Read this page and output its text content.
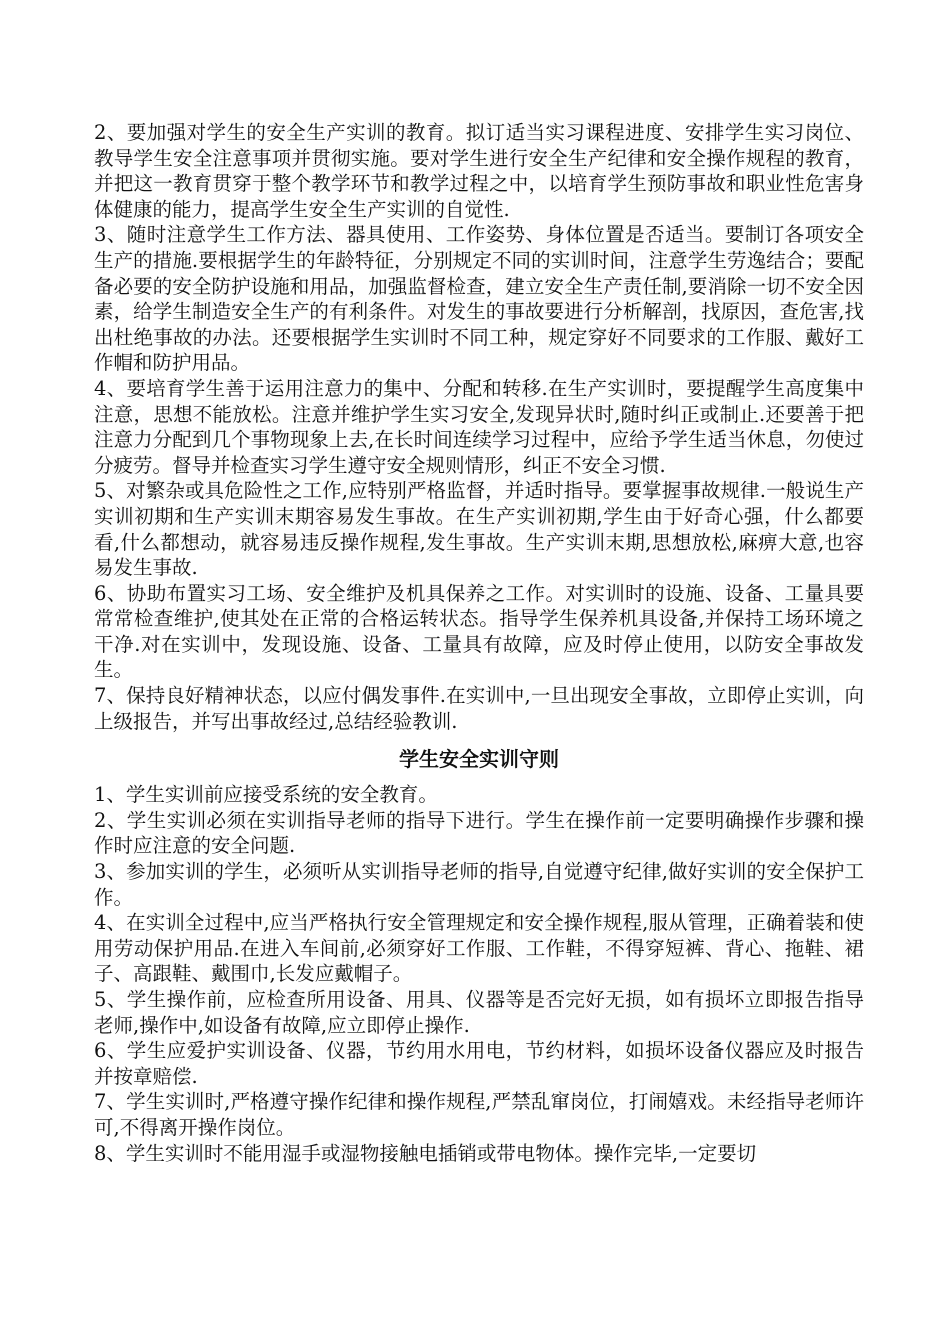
2、要加强对学生的安全生产实训的教育。拟订适当实习课程进度、安排学生实习岗位、教导学生安全注意事项并贯彻实施。要对学生进行安全生产纪律和安全操作规程的教育，并把这一教育贯穿于整个教学环节和教学过程之中，以培育学生预防事故和职业性危害身体健康的能力，提高学生安全生产实训的自觉性.

3、随时注意学生工作方法、器具使用、工作姿势、身体位置是否适当。要制订各项安全生产的措施.要根据学生的年龄特征，分别规定不同的实训时间，注意学生劳逸结合；要配备必要的安全防护设施和用品，加强监督检查，建立安全生产责任制,要消除一切不安全因素，给学生制造安全生产的有利条件。对发生的事故要进行分析解剖，找原因，查危害,找出杜绝事故的办法。还要根据学生实训时不同工种，规定穿好不同要求的工作服、戴好工作帽和防护用品。

4、要培育学生善于运用注意力的集中、分配和转移.在生产实训时，要提醒学生高度集中注意，思想不能放松。注意并维护学生实习安全,发现异状时,随时纠正或制止.还要善于把注意力分配到几个事物现象上去,在长时间连续学习过程中，应给予学生适当休息，勿使过分疲劳。督导并检查实习学生遵守安全规则情形，纠正不安全习惯.

5、对繁杂或具危险性之工作,应特别严格监督，并适时指导。要掌握事故规律.一般说生产实训初期和生产实训末期容易发生事故。在生产实训初期,学生由于好奇心强，什么都要看,什么都想动，就容易违反操作规程,发生事故。生产实训末期,思想放松,麻痹大意,也容易发生事故.

6、协助布置实习工场、安全维护及机具保养之工作。对实训时的设施、设备、工量具要常常检查维护,使其处在正常的合格运转状态。指导学生保养机具设备,并保持工场环境之干净.对在实训中，发现设施、设备、工量具有故障，应及时停止使用，以防安全事故发生。

7、保持良好精神状态，以应付偶发事件.在实训中,一旦出现安全事故，立即停止实训，向上级报告，并写出事故经过,总结经验教训.

学生安全实训守则

1、学生实训前应接受系统的安全教育。

2、学生实训必须在实训指导老师的指导下进行。学生在操作前一定要明确操作步骤和操作时应注意的安全问题.

3、参加实训的学生，必须听从实训指导老师的指导,自觉遵守纪律,做好实训的安全保护工作。

4、在实训全过程中,应当严格执行安全管理规定和安全操作规程,服从管理，正确着装和使用劳动保护用品.在进入车间前,必须穿好工作服、工作鞋，不得穿短裤、背心、拖鞋、裙子、高跟鞋、戴围巾,长发应戴帽子。

5、学生操作前，应检查所用设备、用具、仪器等是否完好无损，如有损坏立即报告指导老师,操作中,如设备有故障,应立即停止操作.

6、学生应爱护实训设备、仪器，节约用水用电，节约材料，如损坏设备仪器应及时报告并按章赔偿.

7、学生实训时,严格遵守操作纪律和操作规程,严禁乱窜岗位，打闹嬉戏。未经指导老师许可,不得离开操作岗位。

8、学生实训时不能用湿手或湿物接触电插销或带电物体。操作完毕,一定要切
